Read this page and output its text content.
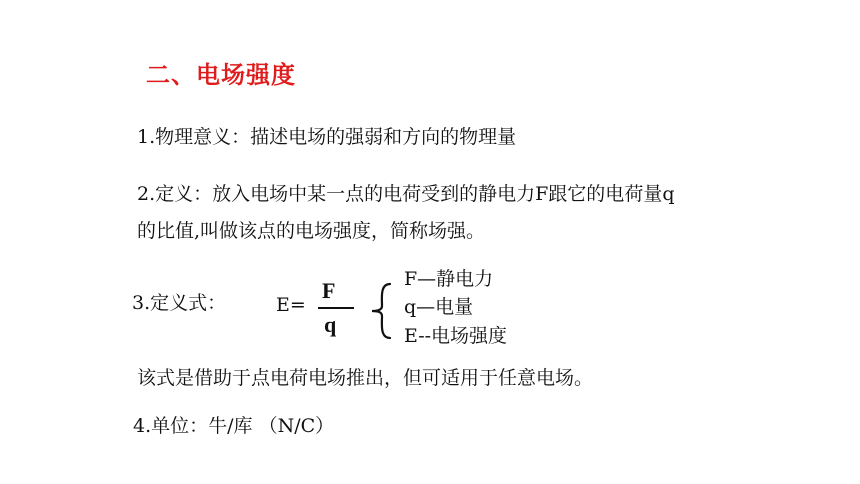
二、电场强度
1.物理意义：描述电场的强弱和方向的物理量
2.定义：放入电场中某一点的电荷受到的静电力F跟它的电荷量q
的比值,叫做该点的电场强度，简称场强。
3.定义式：	E=
F
q
F—静电力
q—电量
E--电场强度
该式是借助于点电荷电场推出，但可适用于任意电场。
4.单位：牛/库 （N/C）
